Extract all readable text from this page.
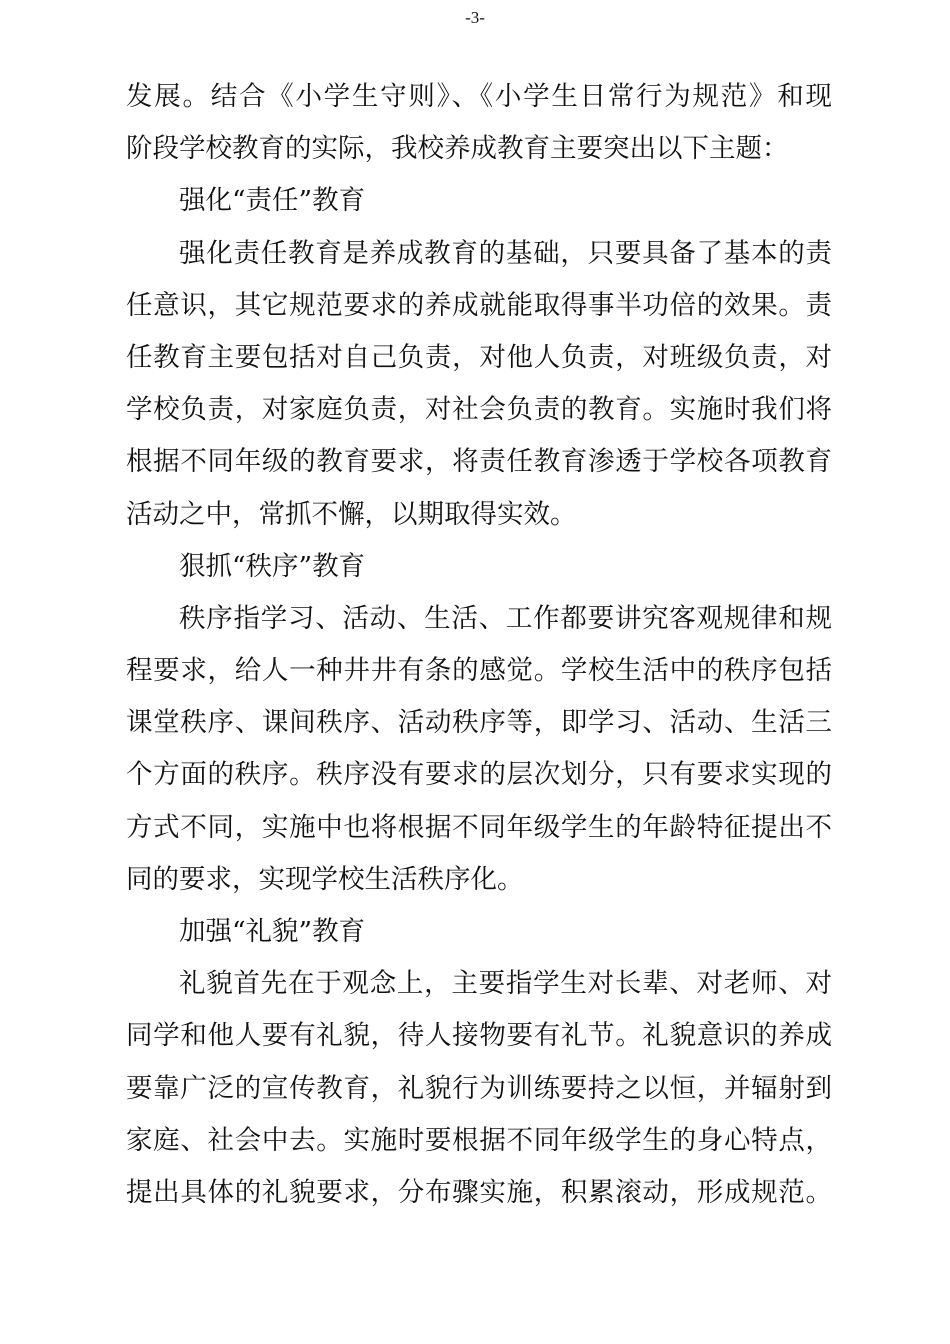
-3-
发展。结合《小学生守则》、《小学生日常行为规范》和现
阶段学校教育的实际，我校养成教育主要突出以下主题：
强化“责任”教育
强化责任教育是养成教育的基础，只要具备了基本的责
任意识，其它规范要求的养成就能取得事半功倍的效果。责
任教育主要包括对自己负责，对他人负责，对班级负责，对
学校负责，对家庭负责，对社会负责的教育。实施时我们将
根据不同年级的教育要求，将责任教育渗透于学校各项教育
活动之中，常抓不懈，以期取得实效。
狠抓“秩序”教育
秩序指学习、活动、生活、工作都要讲究客观规律和规
程要求，给人一种井井有条的感觉。学校生活中的秩序包括
课堂秩序、课间秩序、活动秩序等，即学习、活动、生活三
个方面的秩序。秩序没有要求的层次划分，只有要求实现的
方式不同，实施中也将根据不同年级学生的年龄特征提出不
同的要求，实现学校生活秩序化。
加强“礼貌”教育
礼貌首先在于观念上，主要指学生对长辈、对老师、对
同学和他人要有礼貌，待人接物要有礼节。礼貌意识的养成
要靠广泛的宣传教育，礼貌行为训练要持之以恒，并辐射到
家庭、社会中去。实施时要根据不同年级学生的身心特点，
提出具体的礼貌要求，分布骤实施，积累滚动，形成规范。
